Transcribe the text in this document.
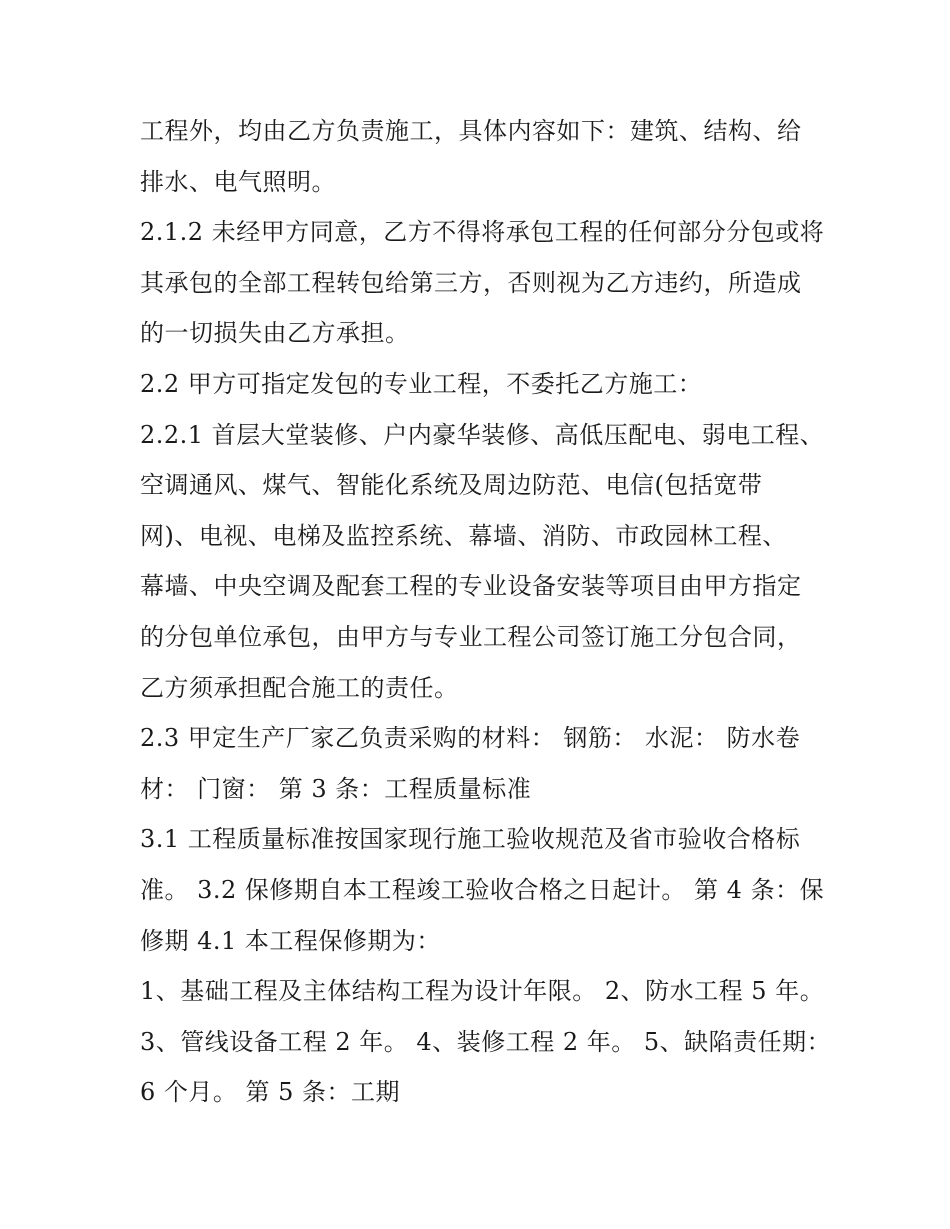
工程外，均由乙方负责施工，具体内容如下：建筑、结构、给

排水、电气照明。

2.1.2 未经甲方同意，乙方不得将承包工程的任何部分分包或将

其承包的全部工程转包给第三方，否则视为乙方违约，所造成

的一切损失由乙方承担。

2.2 甲方可指定发包的专业工程，不委托乙方施工：

2.2.1 首层大堂装修、户内豪华装修、高低压配电、弱电工程、

空调通风、煤气、智能化系统及周边防范、电信(包括宽带

网)、电视、电梯及监控系统、幕墙、消防、市政园林工程、

幕墙、中央空调及配套工程的专业设备安装等项目由甲方指定

的分包单位承包，由甲方与专业工程公司签订施工分包合同，

乙方须承担配合施工的责任。

2.3 甲定生产厂家乙负责采购的材料： 钢筋： 水泥： 防水卷

材： 门窗： 第 3 条：工程质量标准

3.1 工程质量标准按国家现行施工验收规范及省市验收合格标

准。 3.2 保修期自本工程竣工验收合格之日起计。 第 4 条：保

修期 4.1 本工程保修期为：

1、基础工程及主体结构工程为设计年限。 2、防水工程 5 年。

3、管线设备工程 2 年。 4、装修工程 2 年。 5、缺陷责任期：

6 个月。 第 5 条：工期
